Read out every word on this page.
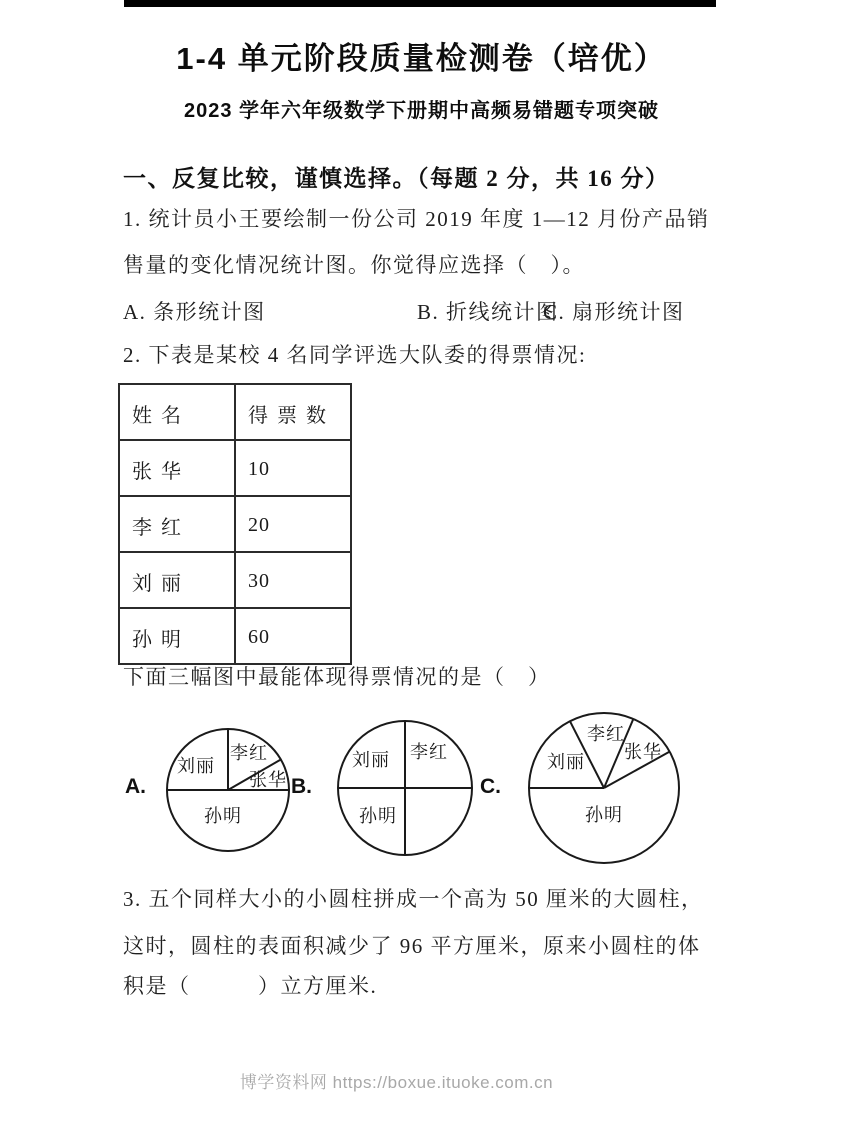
1-4 单元阶段质量检测卷（培优）
2023 学年六年级数学下册期中高频易错题专项突破
一、反复比较，谨慎选择。（每题 2 分，共 16 分）
1. 统计员小王要绘制一份公司 2019 年度 1—12 月份产品销
售量的变化情况统计图。你觉得应选择（　）。
A. 条形统计图	B. 折线统计图
C. 扇形统计图
2. 下表是某校 4 名同学评选大队委的得票情况:
姓名	得票数
张华	10
李红	20
刘丽	30
孙明	60
下面三幅图中最能体现得票情况的是（　）
张华
李红
刘丽
孙明
李红
刘丽
孙明
张华
李红
刘丽
孙明
A.	B.	C.
3. 五个同样大小的小圆柱拼成一个高为 50 厘米的大圆柱，
这时，圆柱的表面积减少了 96 平方厘米，原来小圆柱的体
积是（　　　）立方厘米.
博学资料网 https://boxue.ituoke.com.cn
